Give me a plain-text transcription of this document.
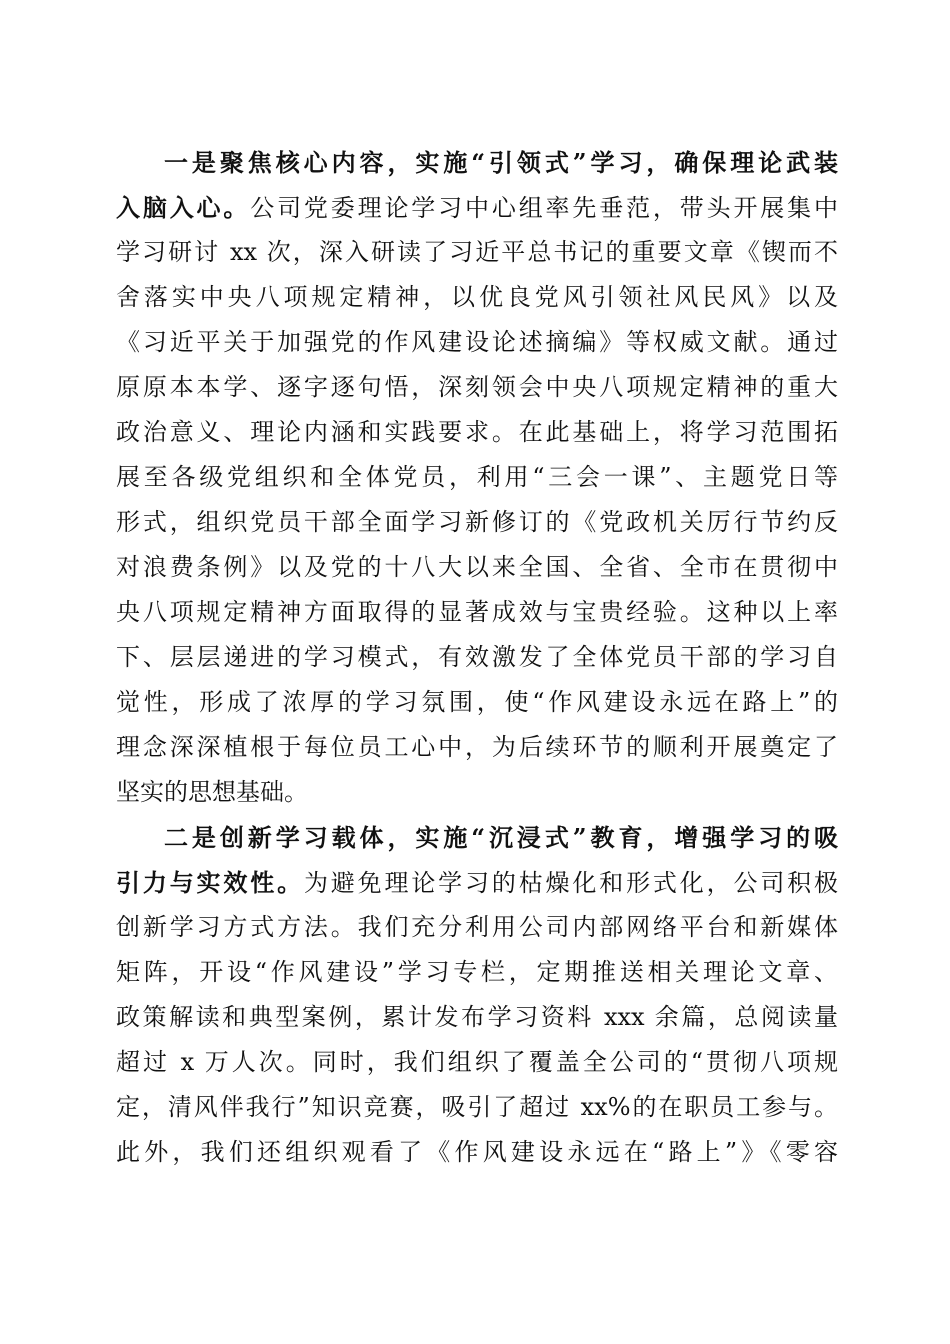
一是聚焦核心内容，实施“引领式”学习，确保理论武装
入脑入心。公司党委理论学习中心组率先垂范，带头开展集中
学习研讨 xx 次，深入研读了习近平总书记的重要文章《锲而不
舍落实中央八项规定精神，以优良党风引领社风民风》以及
《习近平关于加强党的作风建设论述摘编》等权威文献。通过
原原本本学、逐字逐句悟，深刻领会中央八项规定精神的重大
政治意义、理论内涵和实践要求。在此基础上，将学习范围拓
展至各级党组织和全体党员，利用“三会一课”、主题党日等
形式，组织党员干部全面学习新修订的《党政机关厉行节约反
对浪费条例》以及党的十八大以来全国、全省、全市在贯彻中
央八项规定精神方面取得的显著成效与宝贵经验。这种以上率
下、层层递进的学习模式，有效激发了全体党员干部的学习自
觉性，形成了浓厚的学习氛围，使“作风建设永远在路上”的
理念深深植根于每位员工心中，为后续环节的顺利开展奠定了
坚实的思想基础。
二是创新学习载体，实施“沉浸式”教育，增强学习的吸
引力与实效性。为避免理论学习的枯燥化和形式化，公司积极
创新学习方式方法。我们充分利用公司内部网络平台和新媒体
矩阵，开设“作风建设”学习专栏，定期推送相关理论文章、
政策解读和典型案例，累计发布学习资料 xxx 余篇，总阅读量
超过 x 万人次。同时，我们组织了覆盖全公司的“贯彻八项规
定，清风伴我行”知识竞赛，吸引了超过 xx%的在职员工参与。
此外，我们还组织观看了《作风建设永远在“路上”》《零容
